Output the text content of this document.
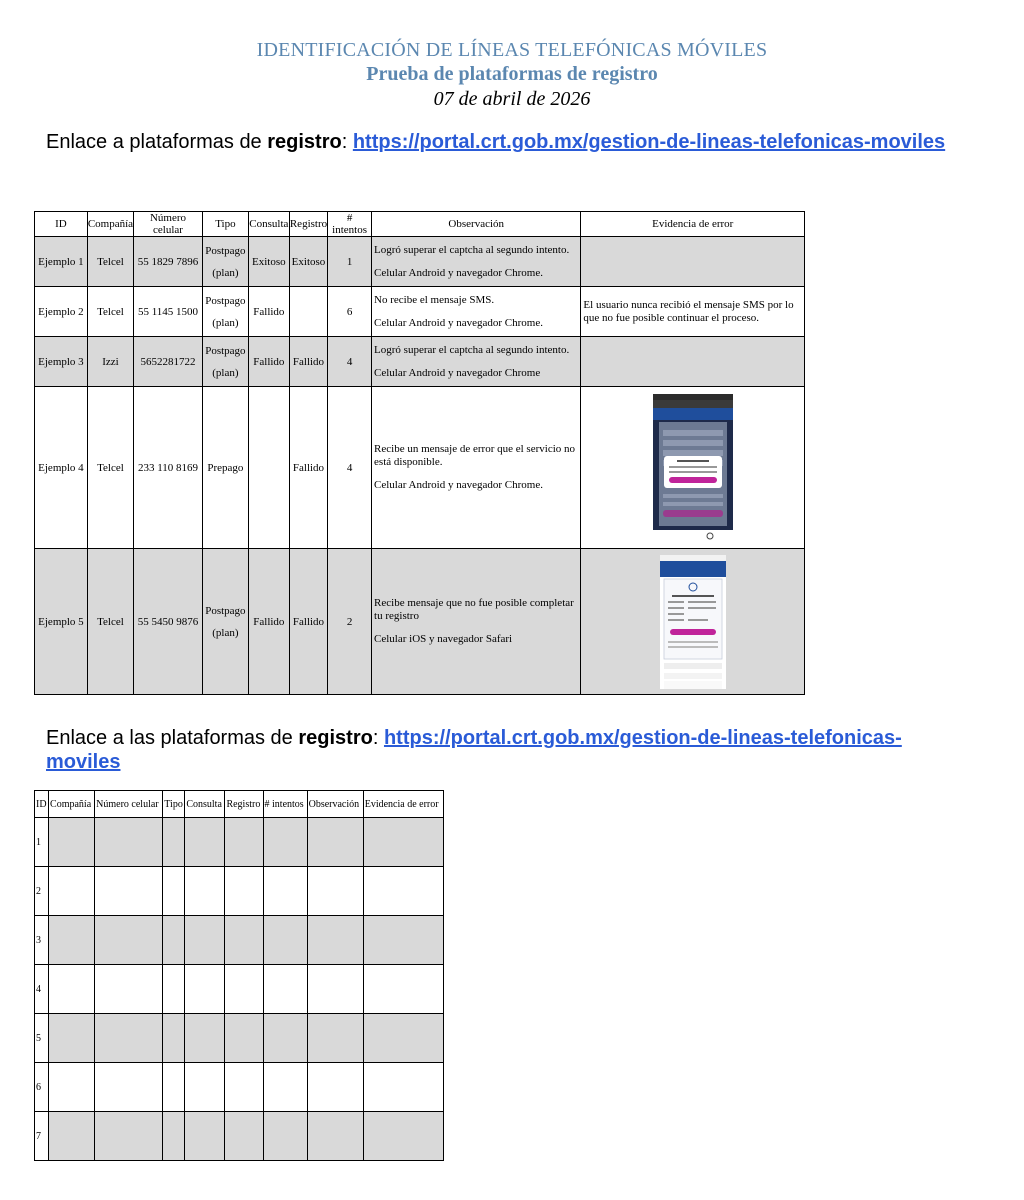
IDENTIFICACIÓN DE LÍNEAS TELEFÓNICAS MÓVILES
Prueba de plataformas de registro
07 de abril de 2026
Enlace a plataformas de registro: https://portal.crt.gob.mx/gestion-de-lineas-telefonicas-moviles
ID	Compañía	Número celular	Tipo	Consulta	Registro	# intentos	Observación	Evidencia de error
Ejemplo 1	Telcel	55 1829 7896	Postpago (plan)	Exitoso	Exitoso	1	Logró superar el captcha al segundo intento.

Celular Android y navegador Chrome.	

Ejemplo 2	Telcel	55 1145 1500	Postpago (plan)	Fallido		6	No recibe el mensaje SMS.

Celular Android y navegador Chrome.	El usuario nunca recibió el mensaje SMS por lo que no fue posible continuar el proceso.
Ejemplo 3	Izzi	5652281722	Postpago (plan)	Fallido	Fallido	4	Logró superar el captcha al segundo intento.

Celular Android y navegador Chrome	

Ejemplo 4	Telcel	233 110 8169	Prepago		Fallido	4	Recibe un mensaje de error que el servicio no está disponible.

Celular Android y navegador Chrome.

Ejemplo 5	Telcel	55 5450 9876	Postpago (plan)	Fallido	Fallido	2	Recibe mensaje que no fue posible completar tu registro

Celular iOS y navegador Safari

Enlace a las plataformas de registro: https://portal.crt.gob.mx/gestion-de-lineas-telefonicas-moviles
ID	Compañía	Número celular	Tipo	Consulta	Registro	# intentos	Observación	Evidencia de error
1								
2								
3								
4								
5								
6								
7								
